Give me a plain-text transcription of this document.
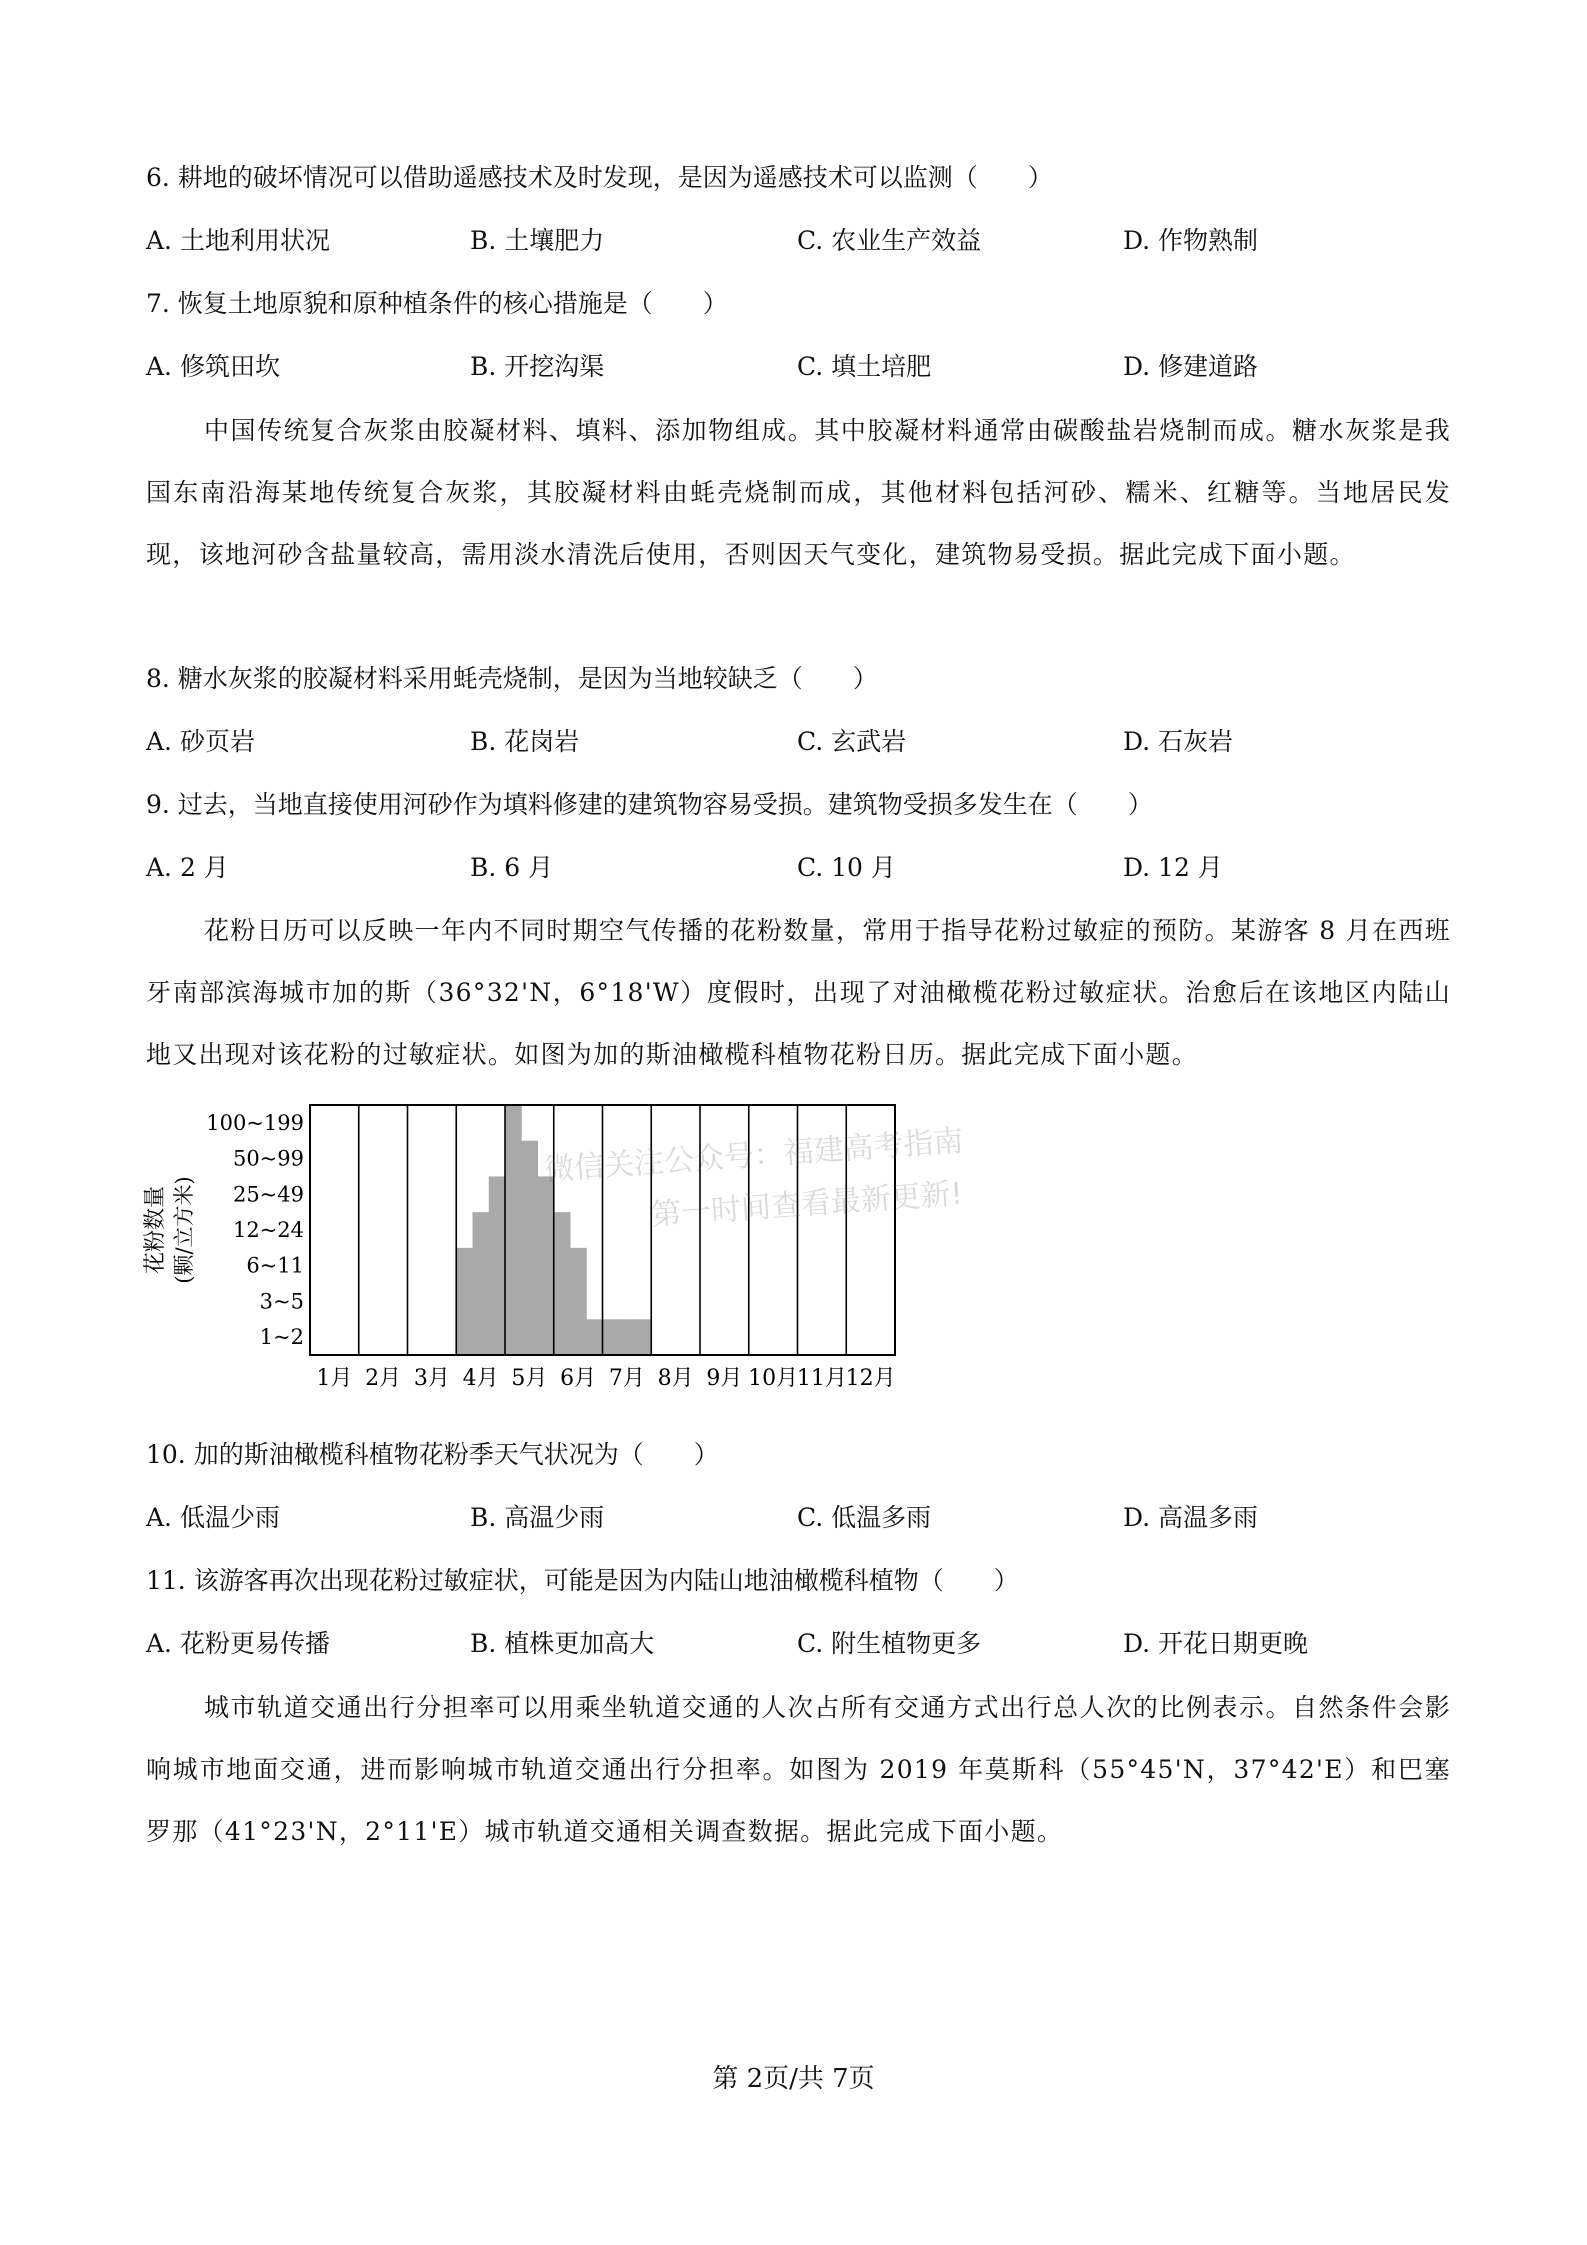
6. 耕地的破坏情况可以借助遥感技术及时发现，是因为遥感技术可以监测（　　）
A. 土地利用状况	B. 土壤肥力	C. 农业生产效益	D. 作物熟制
7. 恢复土地原貌和原种植条件的核心措施是（　　）
A. 修筑田坎	B. 开挖沟渠	C. 填土培肥	D. 修建道路
中国传统复合灰浆由胶凝材料、填料、添加物组成。其中胶凝材料通常由碳酸盐岩烧制而成。糖水灰浆是我国东南沿海某地传统复合灰浆，其胶凝材料由蚝壳烧制而成，其他材料包括河砂、糯米、红糖等。当地居民发现，该地河砂含盐量较高，需用淡水清洗后使用，否则因天气变化，建筑物易受损。据此完成下面小题。
8. 糖水灰浆的胶凝材料采用蚝壳烧制，是因为当地较缺乏（　　）
A. 砂页岩	B. 花岗岩	C. 玄武岩	D. 石灰岩
9. 过去，当地直接使用河砂作为填料修建的建筑物容易受损。建筑物受损多发生在（　　）
A. 2 月	B. 6 月	C. 10 月	D. 12 月
花粉日历可以反映一年内不同时期空气传播的花粉数量，常用于指导花粉过敏症的预防。某游客 8 月在西班牙南部滨海城市加的斯（36°32'N，6°18'W）度假时，出现了对油橄榄花粉过敏症状。治愈后在该地区内陆山地又出现对该花粉的过敏症状。如图为加的斯油橄榄科植物花粉日历。据此完成下面小题。
1~2
3~5
6~11
12~24
25~49
50~99
100~199
1月 2月 3月 4月 5月 6月 7月 8月 9月 10月
11月
12月
花粉数量 (颗/立方米)
微信关注公众号：福建高考指南
第一时间查看最新更新!
10. 加的斯油橄榄科植物花粉季天气状况为（　　）
A. 低温少雨	B. 高温少雨	C. 低温多雨	D. 高温多雨
11. 该游客再次出现花粉过敏症状，可能是因为内陆山地油橄榄科植物（　　）
A. 花粉更易传播	B. 植株更加高大	C. 附生植物更多	D. 开花日期更晚
城市轨道交通出行分担率可以用乘坐轨道交通的人次占所有交通方式出行总人次的比例表示。自然条件会影响城市地面交通，进而影响城市轨道交通出行分担率。如图为 2019 年莫斯科（55°45'N，37°42'E）和巴塞罗那（41°23'N，2°11'E）城市轨道交通相关调查数据。据此完成下面小题。
第 2页/共 7页
